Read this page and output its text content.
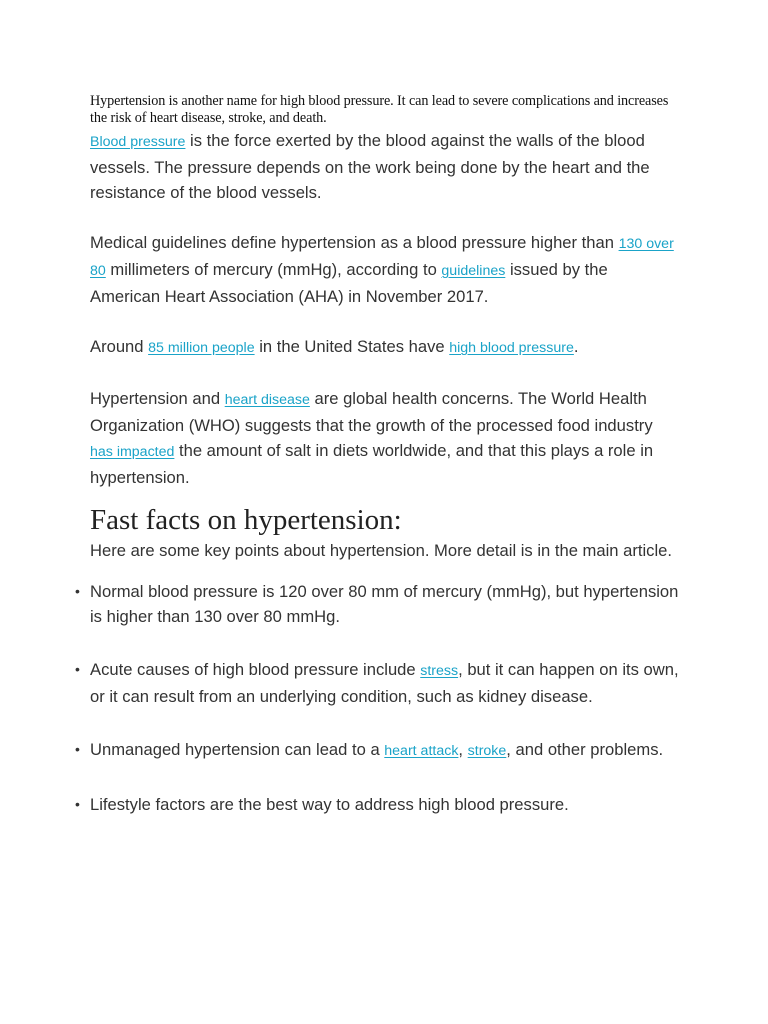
Hypertension is another name for high blood pressure. It can lead to severe complications and increases the risk of heart disease, stroke, and death.

Blood pressure is the force exerted by the blood against the walls of the blood vessels. The pressure depends on the work being done by the heart and the resistance of the blood vessels.

Medical guidelines define hypertension as a blood pressure higher than 130 over 80 millimeters of mercury (mmHg), according to guidelines issued by the American Heart Association (AHA) in November 2017.

Around 85 million people in the United States have high blood pressure.

Hypertension and heart disease are global health concerns. The World Health Organization (WHO) suggests that the growth of the processed food industry has impacted the amount of salt in diets worldwide, and that this plays a role in hypertension.

Fast facts on hypertension:

Here are some key points about hypertension. More detail is in the main article.

• Normal blood pressure is 120 over 80 mm of mercury (mmHg), but hypertension is higher than 130 over 80 mmHg.
• Acute causes of high blood pressure include stress, but it can happen on its own, or it can result from an underlying condition, such as kidney disease.
• Unmanaged hypertension can lead to a heart attack, stroke, and other problems.
• Lifestyle factors are the best way to address high blood pressure.
